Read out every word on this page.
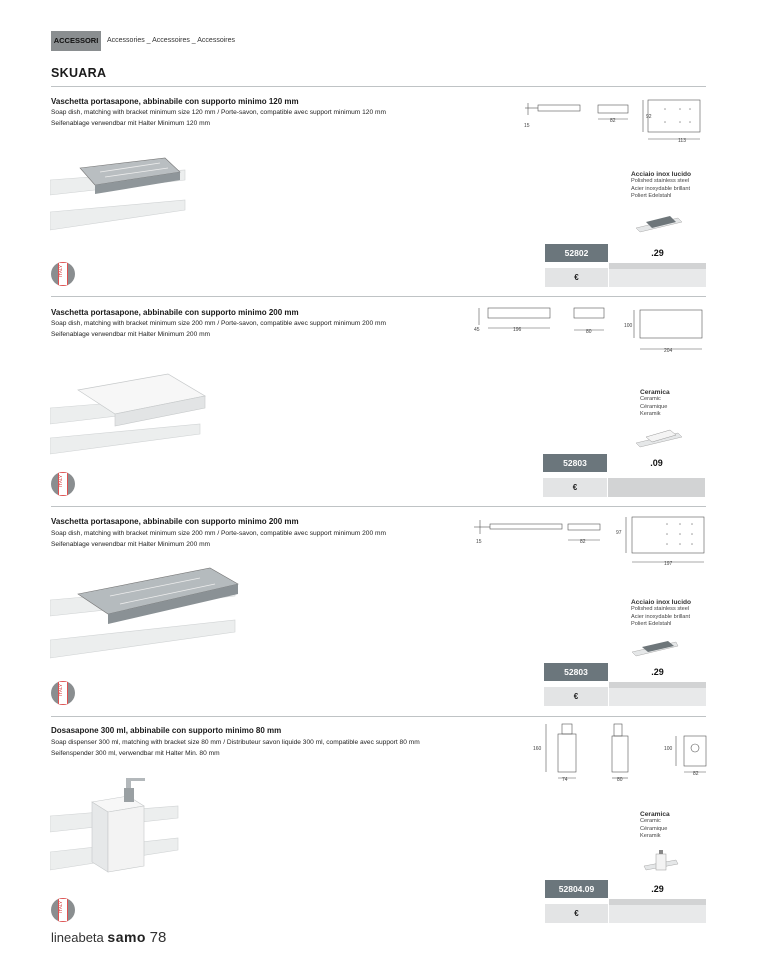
ACCESSORI	Accessories _ Accessoires _ Accessoires
SKUARA
Vaschetta portasapone, abbinabile con supporto minimo 120 mm
Soap dish, matching with bracket minimum size 120 mm / Porte-savon, compatible avec support minimum 120 mm
Seifenablage verwendbar mit Halter Minimum 120 mm	15
82
92
113
Acciaio inox lucido
Polished stainless steel
Acier inoxydable brillant
Poliert Edelstahl
52802	.29
€
ITALY
Vaschetta portasapone, abbinabile con supporto minimo 200 mm
Soap dish, matching with bracket minimum size 200 mm / Porte-savon, compatible avec support minimum 200 mm
Seifenablage verwendbar mit Halter Minimum 200 mm
45	196	80
100
204
Ceramica
Ceramic
Céramique
Keramik
52803	.09
€
ITALY
Vaschetta portasapone, abbinabile con supporto minimo 200 mm
Soap dish, matching with bracket minimum size 200 mm / Porte-savon, compatible avec support minimum 200 mm
Seifenablage verwendbar mit Halter Minimum 200 mm	15	82
97
197
Acciaio inox lucido
Polished stainless steel
Acier inoxydable brillant
Poliert Edelstahl
52803	.29
€
ITALY
Dosasapone 300 ml, abbinabile con supporto minimo 80 mm
Soap dispenser 300 ml, matching with bracket size 80 mm / Distributeur savon liquide 300 ml, compatible avec support 80 mm
Seifenspender 300 ml, verwendbar mit Halter Min. 80 mm
160
74	80
100
82
Ceramica
Ceramic
Céramique
Keramik
52804.09	.29
€
ITALY
lineabeta samo 78
